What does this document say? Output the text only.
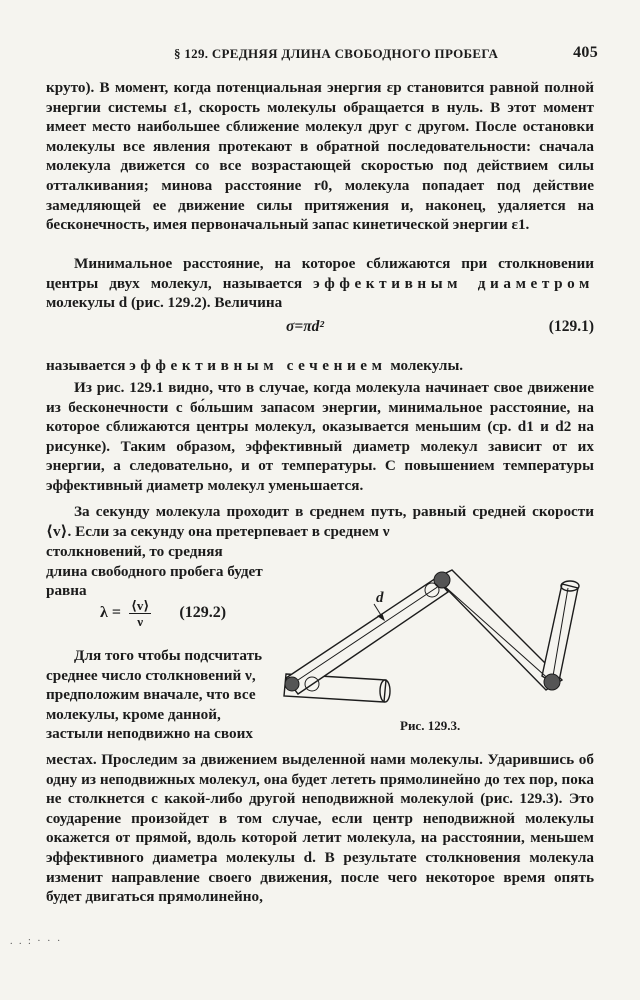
§ 129. СРЕДНЯЯ ДЛИНА СВОБОДНОГО ПРОБЕГА	405

круто). В момент, когда потенциальная энергия εp становится равной полной энергии системы ε1, скорость молекулы обращается в нуль. В этот момент имеет место наибольшее сближение молекул друг с другом. После остановки молекулы все явления протекают в обратной последовательности: сначала молекула движется со все возрастающей скоростью под действием силы отталкивания; минова расстояние r0, молекула попадает под действие замедляющей ее движение силы притяжения и, наконец, удаляется на бесконечность, имея первоначальный запас кинетической энергии ε1.

Минимальное расстояние, на которое сближаются при столкновении центры двух молекул, называется эффективным диаметром молекулы d (рис. 129.2). Величина

σ=πd²	(129.1)

называется эффективным сечением молекулы.

Из рис. 129.1 видно, что в случае, когда молекула начинает свое движение из бесконечности с бо́льшим запасом энергии, минимальное расстояние, на которое сближаются центры молекул, оказывается меньшим (ср. d1 и d2 на рисунке). Таким образом, эффективный диаметр молекул зависит от их энергии, а следовательно, и от температуры. С повышением температуры эффективный диаметр молекул уменьшается.

За секунду молекула проходит в среднем путь, равный средней скорости ⟨v⟩. Если за секунду она претерпевает в среднем ν

столкновений, то средняя длина свободного пробега будет равна

$\lambda = \frac{⟨v⟩}{\nu} (129.2)$

Для того чтобы подсчитать среднее число столкновений ν, предположим вначале, что все молекулы, кроме данной, застыли неподвижно на своих

d
Рис. 129.3.

местах. Проследим за движением выделенной нами молекулы. Ударившись об одну из неподвижных молекул, она будет лететь прямолинейно до тех пор, пока не столкнется с какой-либо другой неподвижной молекулой (рис. 129.3). Это соударение произойдет в том случае, если центр неподвижной молекулы окажется от прямой, вдоль которой летит молекула, на расстоянии, меньшем эффективного диаметра молекулы d. В результате столкновения молекула изменит направление своего движения, после чего некоторое время опять будет двигаться прямолинейно,

. . : · · ·
